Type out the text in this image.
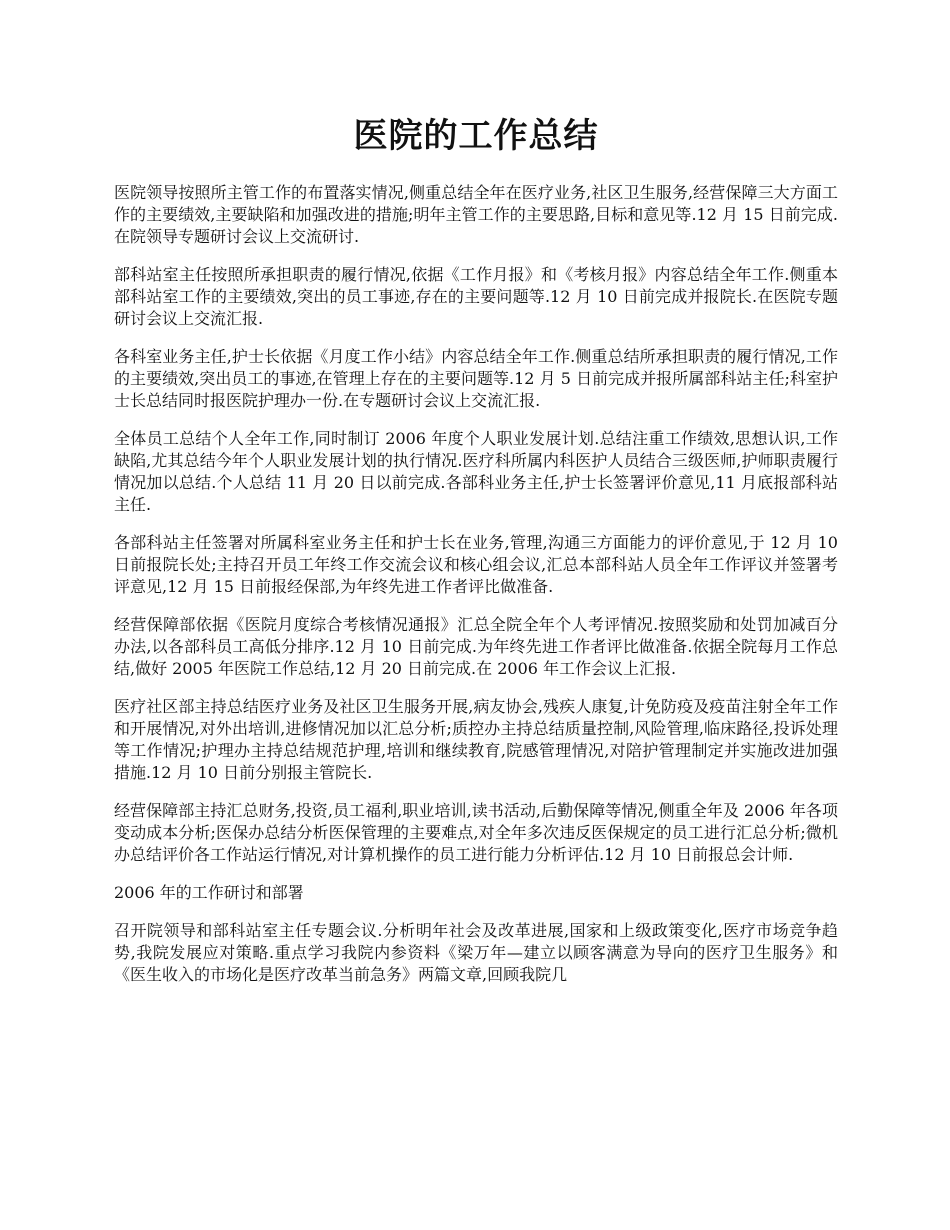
医院的工作总结

医院领导按照所主管工作的布置落实情况,侧重总结全年在医疗业务,社区卫生服务,经营保障三大方面工作的主要绩效,主要缺陷和加强改进的措施;明年主管工作的主要思路,目标和意见等.12 月 15 日前完成.在院领导专题研讨会议上交流研讨.

部科站室主任按照所承担职责的履行情况,依据《工作月报》和《考核月报》内容总结全年工作.侧重本部科站室工作的主要绩效,突出的员工事迹,存在的主要问题等.12 月 10 日前完成并报院长.在医院专题研讨会议上交流汇报.

各科室业务主任,护士长依据《月度工作小结》内容总结全年工作.侧重总结所承担职责的履行情况,工作的主要绩效,突出员工的事迹,在管理上存在的主要问题等.12 月 5 日前完成并报所属部科站主任;科室护士长总结同时报医院护理办一份.在专题研讨会议上交流汇报.

全体员工总结个人全年工作,同时制订 2006 年度个人职业发展计划.总结注重工作绩效,思想认识,工作缺陷,尤其总结今年个人职业发展计划的执行情况.医疗科所属内科医护人员结合三级医师,护师职责履行情况加以总结.个人总结 11 月 20 日以前完成.各部科业务主任,护士长签署评价意见,11 月底报部科站主任.

各部科站主任签署对所属科室业务主任和护士长在业务,管理,沟通三方面能力的评价意见,于 12 月 10 日前报院长处;主持召开员工年终工作交流会议和核心组会议,汇总本部科站人员全年工作评议并签署考评意见,12 月 15 日前报经保部,为年终先进工作者评比做准备.

经营保障部依据《医院月度综合考核情况通报》汇总全院全年个人考评情况.按照奖励和处罚加减百分办法,以各部科员工高低分排序.12 月 10 日前完成.为年终先进工作者评比做准备.依据全院每月工作总结,做好 2005 年医院工作总结,12 月 20 日前完成.在 2006 年工作会议上汇报.

医疗社区部主持总结医疗业务及社区卫生服务开展,病友协会,残疾人康复,计免防疫及疫苗注射全年工作和开展情况,对外出培训,进修情况加以汇总分析;质控办主持总结质量控制,风险管理,临床路径,投诉处理等工作情况;护理办主持总结规范护理,培训和继续教育,院感管理情况,对陪护管理制定并实施改进加强措施.12 月 10 日前分别报主管院长.

经营保障部主持汇总财务,投资,员工福利,职业培训,读书活动,后勤保障等情况,侧重全年及 2006 年各项变动成本分析;医保办总结分析医保管理的主要难点,对全年多次违反医保规定的员工进行汇总分析;微机办总结评价各工作站运行情况,对计算机操作的员工进行能力分析评估.12 月 10 日前报总会计师.

2006 年的工作研讨和部署

召开院领导和部科站室主任专题会议.分析明年社会及改革进展,国家和上级政策变化,医疗市场竞争趋势,我院发展应对策略.重点学习我院内参资料《梁万年—建立以顾客满意为导向的医疗卫生服务》和《医生收入的市场化是医疗改革当前急务》两篇文章,回顾我院几
